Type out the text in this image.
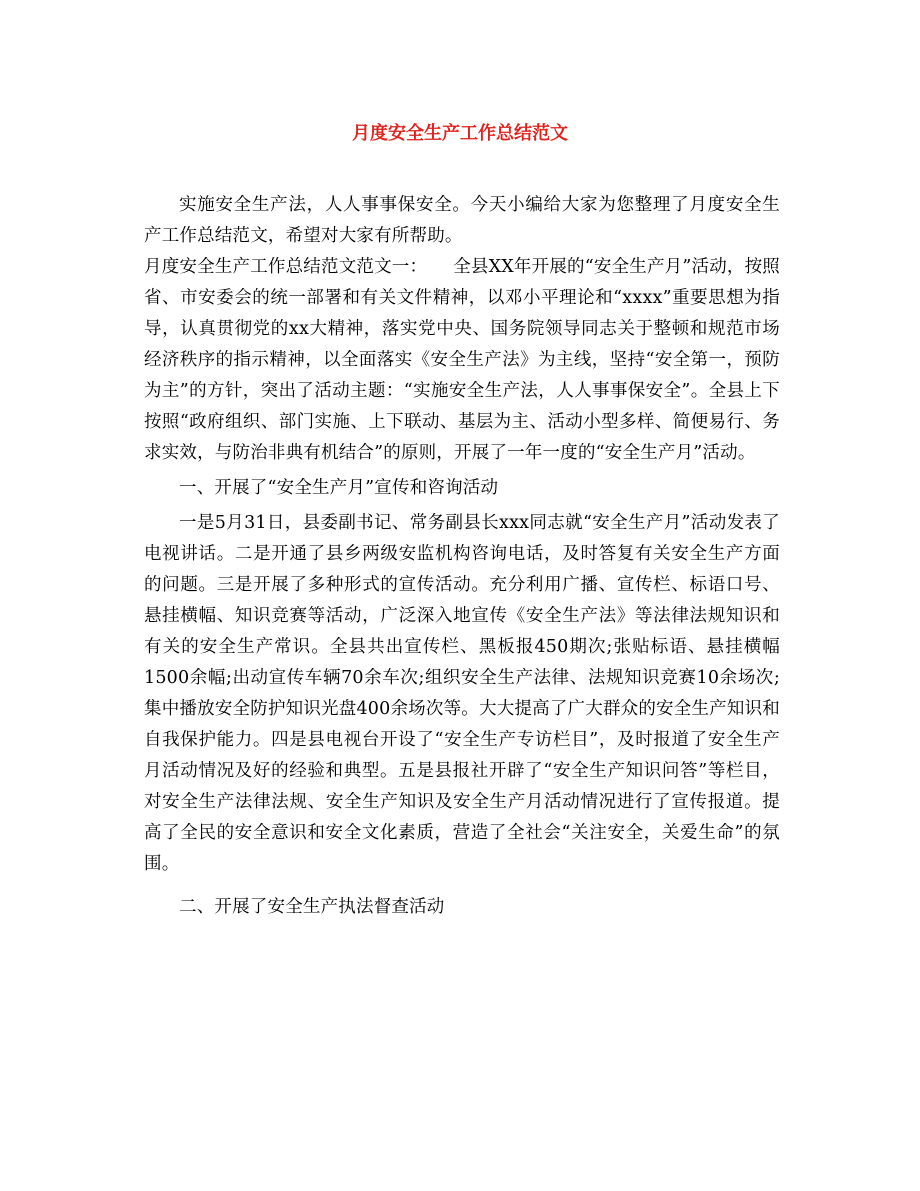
月度安全生产工作总结范文

实施安全生产法，人人事事保安全。今天小编给大家为您整理了月度安全生产工作总结范文，希望对大家有所帮助。

月度安全生产工作总结范文范文一： 全县XX年开展的“安全生产月”活动，按照省、市安委会的统一部署和有关文件精神，以邓小平理论和“xxxx”重要思想为指导，认真贯彻党的xx大精神，落实党中央、国务院领导同志关于整顿和规范市场经济秩序的指示精神，以全面落实《安全生产法》为主线，坚持“安全第一，预防为主”的方针，突出了活动主题：“实施安全生产法，人人事事保安全”。全县上下按照“政府组织、部门实施、上下联动、基层为主、活动小型多样、简便易行、务求实效，与防治非典有机结合”的原则，开展了一年一度的“安全生产月”活动。

一、开展了“安全生产月”宣传和咨询活动

一是5月31日，县委副书记、常务副县长xxx同志就“安全生产月”活动发表了电视讲话。二是开通了县乡两级安监机构咨询电话，及时答复有关安全生产方面的问题。三是开展了多种形式的宣传活动。充分利用广播、宣传栏、标语口号、悬挂横幅、知识竞赛等活动，广泛深入地宣传《安全生产法》等法律法规知识和有关的安全生产常识。全县共出宣传栏、黑板报450期次;张贴标语、悬挂横幅1500余幅;出动宣传车辆70余车次;组织安全生产法律、法规知识竞赛10余场次;集中播放安全防护知识光盘400余场次等。大大提高了广大群众的安全生产知识和自我保护能力。四是县电视台开设了“安全生产专访栏目”，及时报道了安全生产月活动情况及好的经验和典型。五是县报社开辟了“安全生产知识问答”等栏目，对安全生产法律法规、安全生产知识及安全生产月活动情况进行了宣传报道。提高了全民的安全意识和安全文化素质，营造了全社会“关注安全，关爱生命”的氛围。

二、开展了安全生产执法督查活动
